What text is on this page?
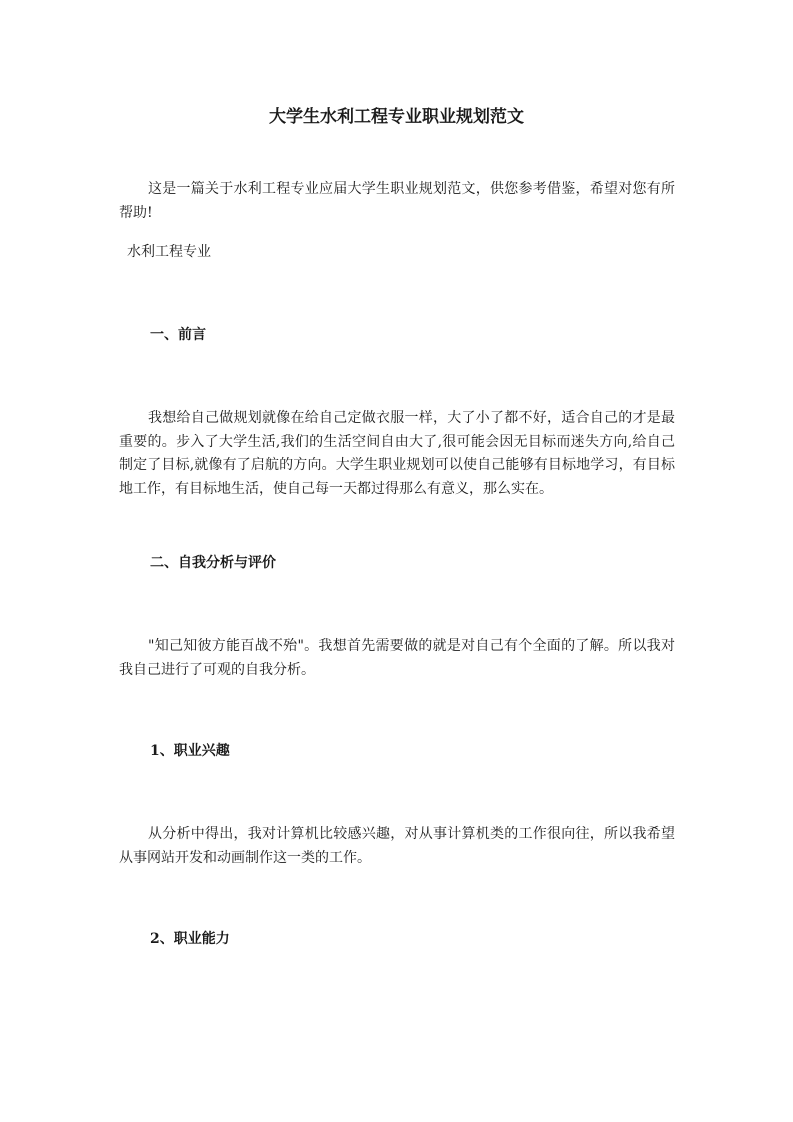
大学生水利工程专业职业规划范文
这是一篇关于水利工程专业应届大学生职业规划范文，供您参考借鉴，希望对您有所帮助!
水利工程专业
一、前言
我想给自己做规划就像在给自己定做衣服一样，大了小了都不好，适合自己的才是最重要的。步入了大学生活,我们的生活空间自由大了,很可能会因无目标而迷失方向,给自己制定了目标,就像有了启航的方向。大学生职业规划可以使自己能够有目标地学习，有目标地工作，有目标地生活，使自己每一天都过得那么有意义，那么实在。
二、自我分析与评价
"知己知彼方能百战不殆"。我想首先需要做的就是对自己有个全面的了解。所以我对我自己进行了可观的自我分析。
1、职业兴趣
从分析中得出，我对计算机比较感兴趣，对从事计算机类的工作很向往，所以我希望从事网站开发和动画制作这一类的工作。
2、职业能力
